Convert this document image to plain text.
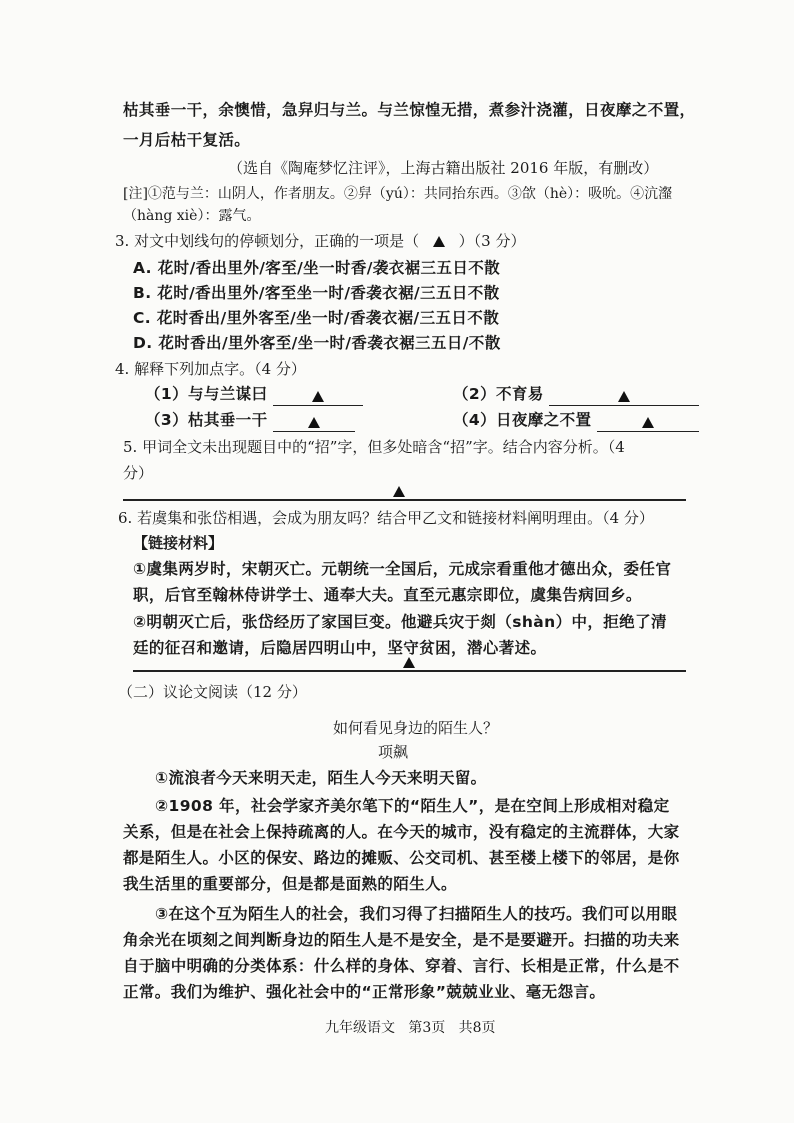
枯其垂一干，余懊惜，急舁归与兰。与兰惊惶无措，煮参汁浇灌，日夜摩之不置，
一月后枯干复活。
（选自《陶庵梦忆注评》，上海古籍出版社 2016 年版，有删改）
[注]①范与兰：山阴人，作者朋友。②舁（yú）：共同抬东西。③欱（hè）：吸吮。④沆瀣
（hàng xiè）：露气。
3. 对文中划线句的停顿划分，正确的一项是（	）（3 分）
A. 花时/香出里外/客至/坐一时香/袭衣裾三五日不散
B. 花时/香出里外/客至坐一时/香袭衣裾/三五日不散
C. 花时香出/里外客至/坐一时/香袭衣裾/三五日不散
D. 花时香出/里外客至/坐一时/香袭衣裾三五日/不散
4. 解释下列加点字。（4 分）
（1）与与兰谋曰	（2）不育易
（3）枯其垂一干	（4）日夜摩之不置
5. 甲词全文未出现题目中的“招”字，但多处暗含“招”字。结合内容分析。（4
分）
6. 若虞集和张岱相遇，会成为朋友吗？结合甲乙文和链接材料阐明理由。（4 分）
【链接材料】
①虞集两岁时，宋朝灭亡。元朝统一全国后，元成宗看重他才德出众，委任官
职，后官至翰林侍讲学士、通奉大夫。直至元惠宗即位，虞集告病回乡。
②明朝灭亡后，张岱经历了家国巨变。他避兵灾于剡（shàn）中，拒绝了清
廷的征召和邀请，后隐居四明山中，坚守贫困，潜心著述。
（二）议论文阅读（12 分）
如何看见身边的陌生人？
项飙
①流浪者今天来明天走，陌生人今天来明天留。
②1908 年，社会学家齐美尔笔下的“陌生人”，是在空间上形成相对稳定
关系，但是在社会上保持疏离的人。在今天的城市，没有稳定的主流群体，大家
都是陌生人。小区的保安、路边的摊贩、公交司机、甚至楼上楼下的邻居，是你
我生活里的重要部分，但是都是面熟的陌生人。
③在这个互为陌生人的社会，我们习得了扫描陌生人的技巧。我们可以用眼
角余光在顷刻之间判断身边的陌生人是不是安全，是不是要避开。扫描的功夫来
自于脑中明确的分类体系：什么样的身体、穿着、言行、长相是正常，什么是不
正常。我们为维护、强化社会中的“正常形象”兢兢业业、毫无怨言。
九年级语文   第3页   共8页
